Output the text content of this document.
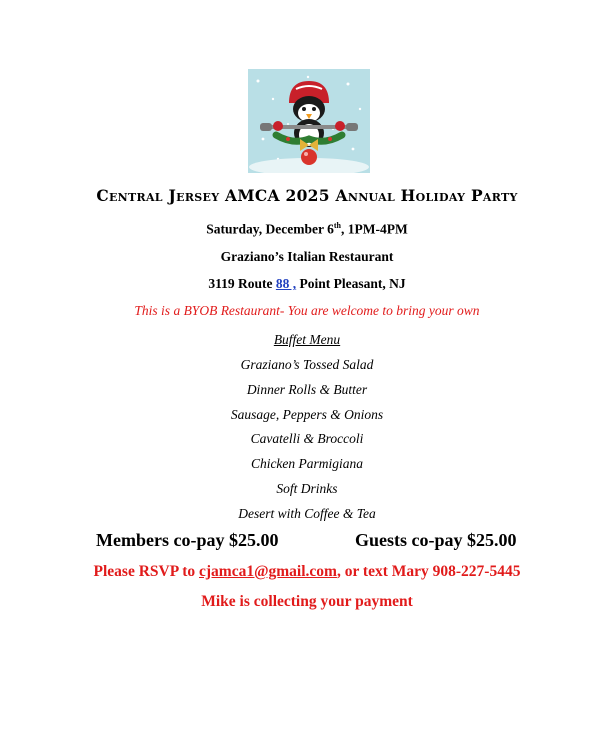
Central Jersey AMCA 2025 Annual Holiday Party
Saturday, December 6th, 1PM-4PM
Graziano’s Italian Restaurant
3119 Route 88 , Point Pleasant, NJ
This is a BYOB Restaurant- You are welcome to bring your own
Buffet Menu
Graziano’s Tossed Salad
Dinner Rolls & Butter
Sausage, Peppers & Onions
Cavatelli & Broccoli
Chicken Parmigiana
Soft Drinks
Desert with Coffee & Tea
Members co-pay $25.00	Guests co-pay $25.00
Please RSVP to cjamca1@gmail.com, or text Mary 908-227-5445
Mike is collecting your payment
